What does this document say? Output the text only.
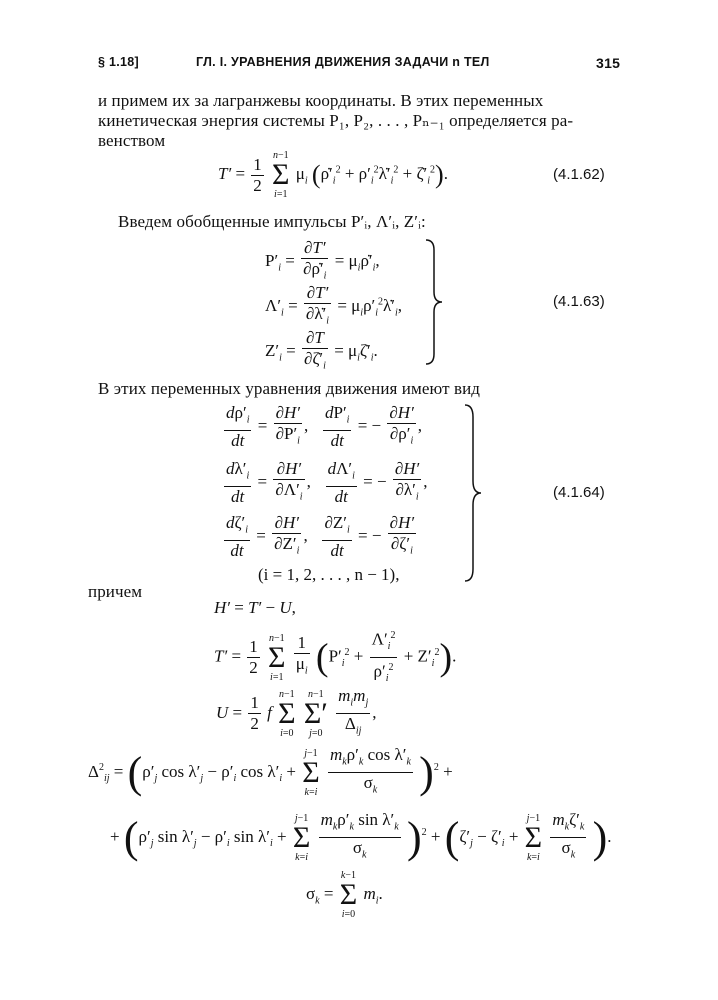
§ 1.18]	ГЛ. I. УРАВНЕНИЯ ДВИЖЕНИЯ ЗАДАЧИ n ТЕЛ	315
и примем их за лагранжевы координаты. В этих переменных
кинетическая энергия системы P₁, P₂, . . . , Pₙ₋₁ определяется ра-
венством
$T' = \frac{1}{2}$
n−1
Σ
i=1
$\mu_i$ ($\rhȯ'_i^2$ + $\rho'_i^2\lambdȧ'_i^2$ + $\zetȧ'_i^2$).	(4.1.62)
Введем обобщенные импульсы P′ᵢ, Λ′ᵢ, Z′ᵢ:
$P'_i = \frac{\partial T'}{\partial\rhȯ'_i}$ = $\mu_i\rhȯ'_i$,
$\Lambda'_i = \frac{\partial T'}{\partial\lambdȧ'_i}$ = $\mu_i\rho'_i^2\lambdȧ'_i$,
$Z'_i = \frac{\partial T}{\partial\zetȧ'_i}$ = $\mu_i\zetȧ'_i$.
(4.1.63)
В этих переменных уравнения движения имеют вид
$\frac{d\rho'_i}{dt} = \frac{\partial H'}{\partial P'_i}$ , $\frac{dP'_i}{dt}$ = − $\frac{\partial H'}{\partial\rho'_i}$ ,
$\frac{d\lambda'_i}{dt} = \frac{\partial H'}{\partial\Lambda'_i}$ , $\frac{d\Lambda'_i}{dt}$ = − $\frac{\partial H'}{\partial\lambda'_i}$ ,
$\frac{d\zeta'_i}{dt} = \frac{\partial H'}{\partial Z'_i}$ , $\frac{\partial Z'_i}{dt}$ = − $\frac{\partial H'}{\partial\zeta'_i}$
(i = 1, 2, . . . , n − 1),
(4.1.64)
причем
H′ = T′ − U,
$T' = \frac{1}{2}$
n−1
Σ
i=1
$\frac{1}{\mu_i} (P'_i^2 + \frac{\Lambda'_i^2}{\rho'_i^2} + Z'_i^2)$.
$U = \frac{1}{2}$ f
n−1
Σ
i=0

n−1
Σ′
j=0
$\frac{m_im_j}{\Delta_{ij}}$ ,
$\Delta^2_{ij} = (\rho'_j$ $\cos \lambda'_j - \rho'_i$ $\cos \lambda'_i$ +
j−1
Σ
k=i
$\frac{m_k\rho'_k \cos \lambda'_k}{\sigma_k} )^2$ +
+ ($\rho'_j$ $\sin \lambda'_j - \rho'_i$ $\sin \lambda'_i$ +
j−1
Σ
k=i
$\frac{m_k\rho'_k \sin \lambda'_k}{\sigma_k} )^2 + (\zeta'_j - \zeta'_i$ +
j−1
Σ
k=i
$\frac{m_k\zeta'_k}{\sigma_k}$ ).
$\sigma_k$ =
k−1
Σ
i=0
$m_i$.
